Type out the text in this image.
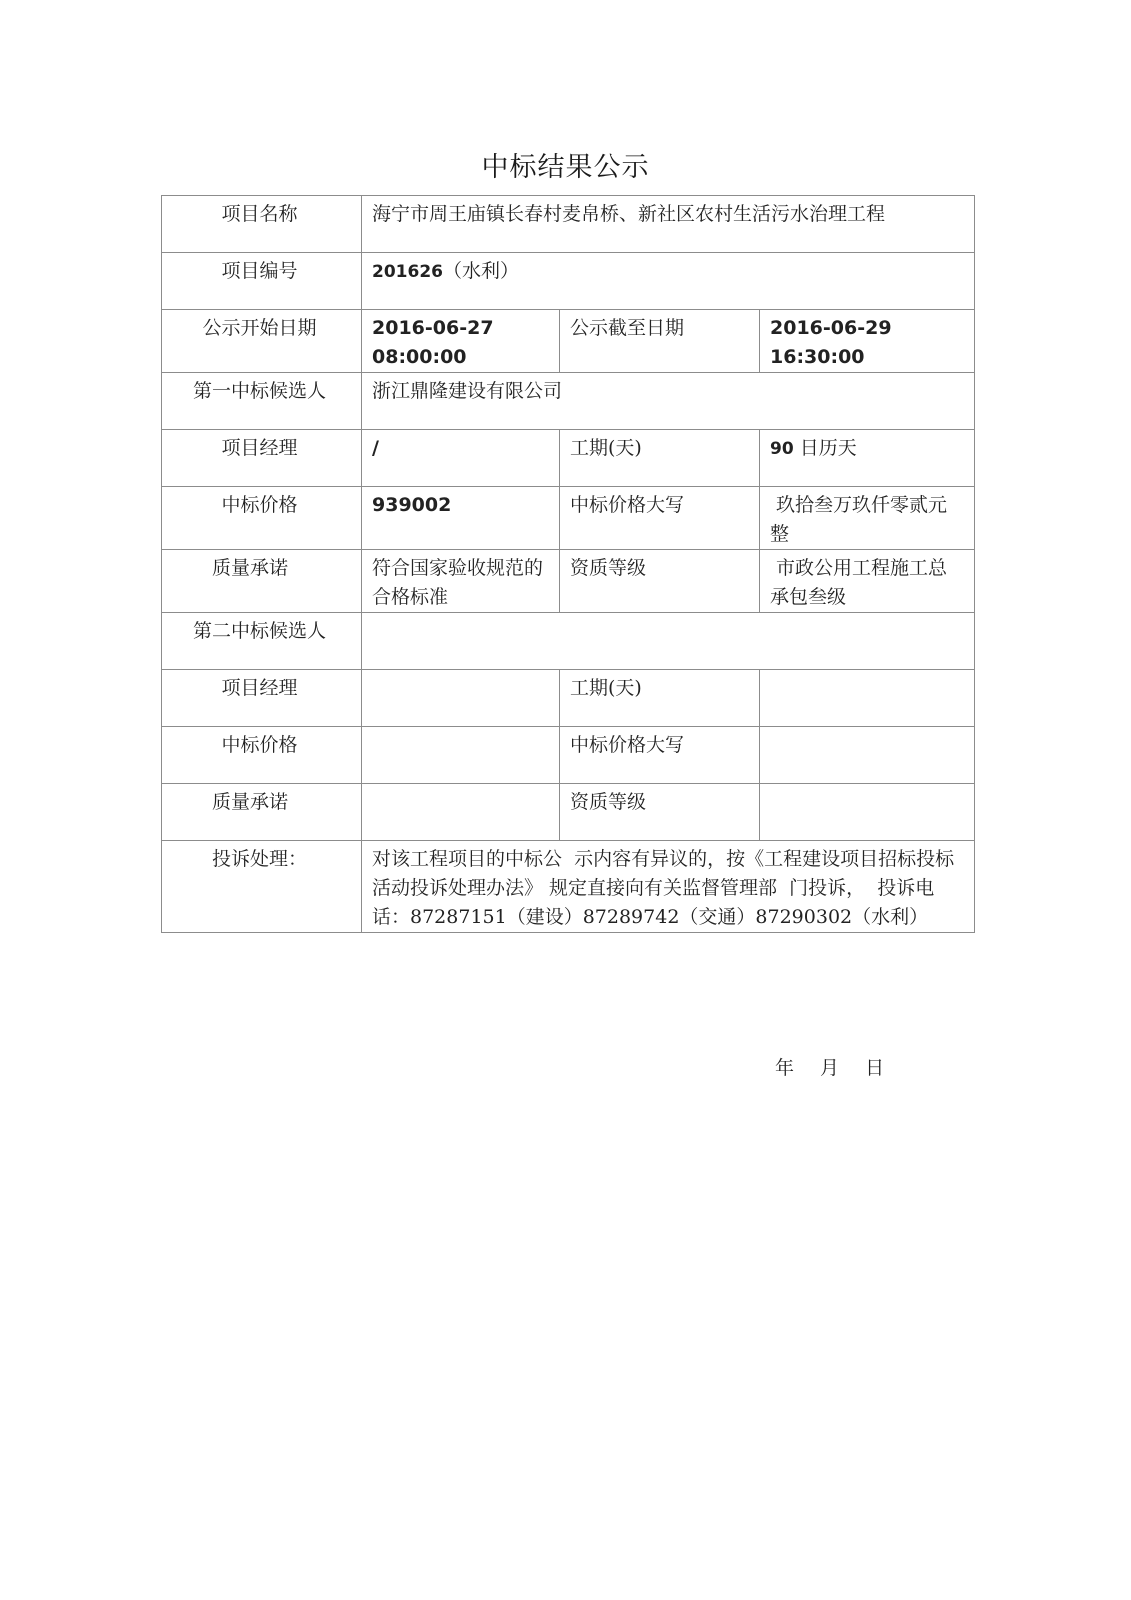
中标结果公示
项目名称	海宁市周王庙镇长春村麦帛桥、新社区农村生活污水治理工程		
项目编号	201626（水利）		
公示开始日期	2016-06-27 08:00:00	公示截至日期	2016-06-29 16:30:00
第一中标候选人	浙江鼎隆建设有限公司		
项目经理	/	工期(天)	90 日历天
中标价格	939002	中标价格大写	玖拾叁万玖仟零贰元整
质量承诺	符合国家验收规范的合格标准	资质等级	市政公用工程施工总承包叁级
第二中标候选人			
项目经理		工期(天)	
中标价格		中标价格大写	
质量承诺		资质等级	
投诉处理：	对该工程项目的中标公  示内容有异议的，按《工程建设项目招标投标活动投诉处理办法》 规定直接向有关监督管理部  门投诉，  投诉电话：87287151（建设）87289742（交通）87290302（水利）		
年 月 日
